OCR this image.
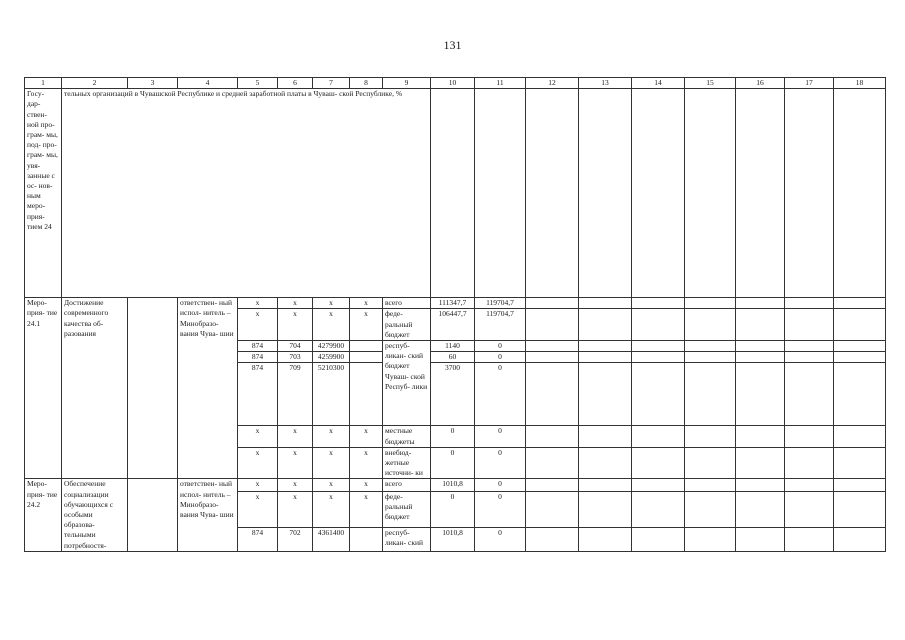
131
1	2	3	4	5	6	7	8	9	10	11	12	13	14	15	16	17	18
Госу- дар- ствен- ной про- грам- мы, под- про- грам- мы, увя- занные с ос- нов- ным меро- прия- тием 24	тельных организаций в Чувашской Республике и средней заработной платы в Чуваш- ской Республике, %																
Меро- прия- тие 24.1	Достижение современного качества об- разования		ответствен- ный испол- нитель – Минобразо- вания Чува- шии	x	x	x	x	всего	111347,7	119704,7							
				x	x	x	x	феде- ральный бюджет	106447,7	119704,7							
				874	704	4279900		респуб- ликан- ский бюджет Чуваш- ской Респуб- лики	1140	0							
				874	703	4259900			60	0							
				874	709	5210300			3700	0							
				x	x	x	x	местные бюджеты	0	0							
				x	x	x	x	внебюд- жетные источни- ки	0	0							
Меро- прия- тие 24.2	Обеспечение социализации обучающихся с особыми образова- тельными потребностя-		ответствен- ный испол- нитель – Минобразо- вания Чува- шии	x	x	x	x	всего	1010,8	0							
				x	x	x	x	феде- ральный бюджет	0	0							
				874	702	4361400		респуб- ликан- ский	1010,8	0							
